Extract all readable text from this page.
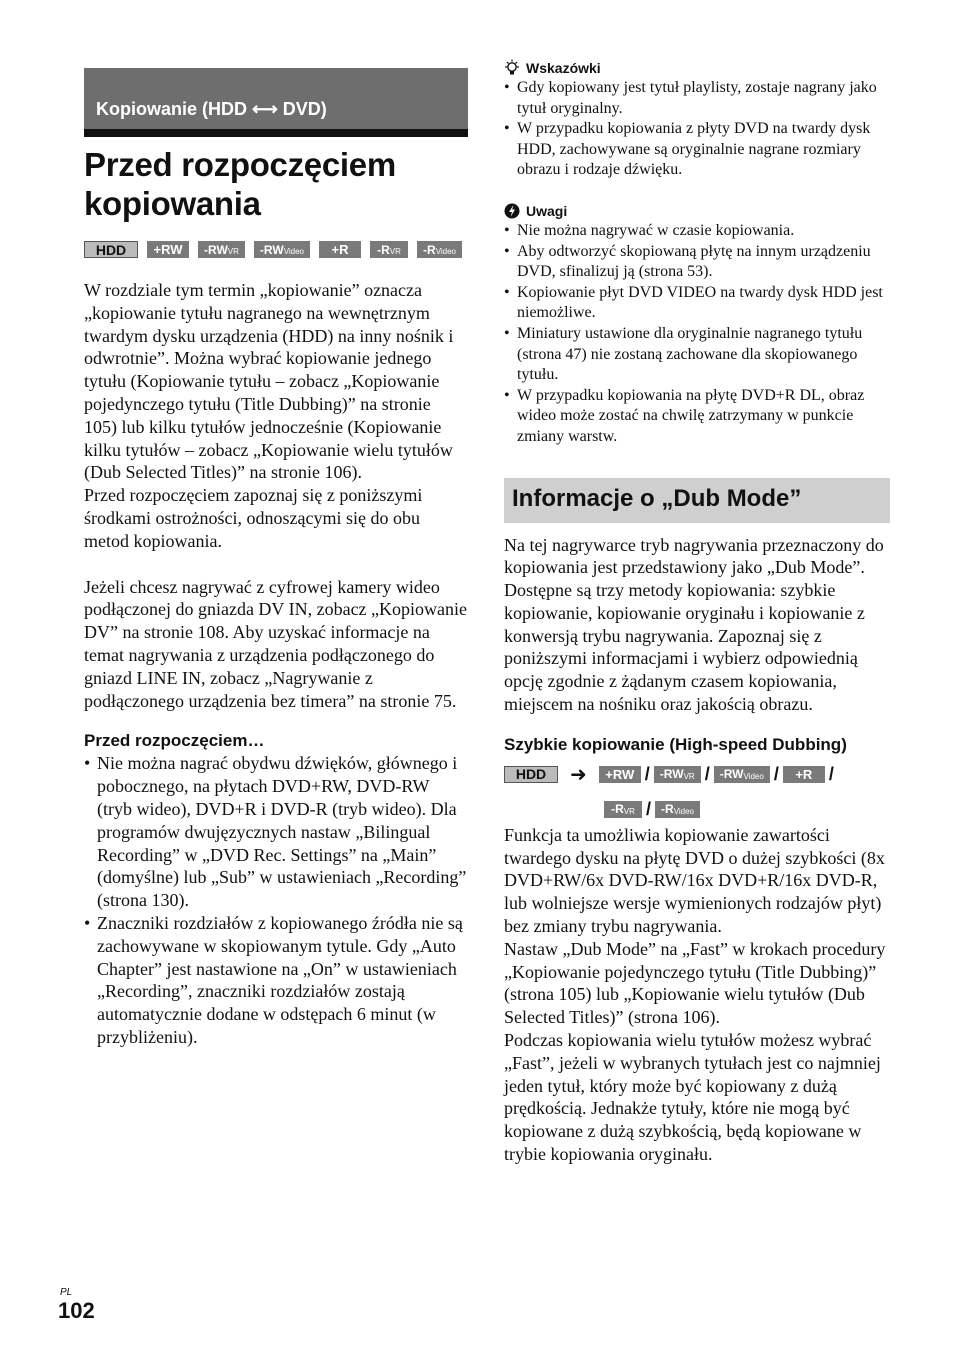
Kopiowanie (HDD ⟷ DVD)
Przed rozpoczęciem kopiowania
HDD	+RW	$-RW_{VR}$	$-RW_{Video}$	+R	$-R_{VR}$	$-R_{Video}$

W rozdziale tym termin „kopiowanie” oznacza „kopiowanie tytułu nagranego na wewnętrznym twardym dysku urządzenia (HDD) na inny nośnik i odwrotnie”. Można wybrać kopiowanie jednego tytułu (Kopiowanie tytułu – zobacz „Kopiowanie pojedynczego tytułu (Title Dubbing)” na stronie 105) lub kilku tytułów jednocześnie (Kopiowanie kilku tytułów – zobacz „Kopiowanie wielu tytułów (Dub Selected Titles)” na stronie 106).

Przed rozpoczęciem zapoznaj się z poniższymi środkami ostrożności, odnoszącymi się do obu metod kopiowania.

Jeżeli chcesz nagrywać z cyfrowej kamery wideo podłączonej do gniazda DV IN, zobacz „Kopiowanie DV” na stronie 108. Aby uzyskać informacje na temat nagrywania z urządzenia podłączonego do gniazd LINE IN, zobacz „Nagrywanie z podłączonego urządzenia bez timera” na stronie 75.

Przed rozpoczęciem…

• Nie można nagrać obydwu dźwięków, głównego i pobocznego, na płytach DVD+RW, DVD-RW (tryb wideo), DVD+R i DVD-R (tryb wideo). Dla programów dwujęzycznych nastaw „Bilingual Recording” w „DVD Rec. Settings” na „Main” (domyślne) lub „Sub” w ustawieniach „Recording” (strona 130).
• Znaczniki rozdziałów z kopiowanego źródła nie są zachowywane w skopiowanym tytule. Gdy „Auto Chapter” jest nastawione na „On” w ustawieniach „Recording”, znaczniki rozdziałów zostają automatycznie dodane w odstępach 6 minut (w przybliżeniu).
Wskazówki
• Gdy kopiowany jest tytuł playlisty, zostaje nagrany jako tytuł oryginalny.
• W przypadku kopiowania z płyty DVD na twardy dysk HDD, zachowywane są oryginalnie nagrane rozmiary obrazu i rodzaje dźwięku.
Uwagi
• Nie można nagrywać w czasie kopiowania.
• Aby odtworzyć skopiowaną płytę na innym urządzeniu DVD, sfinalizuj ją (strona 53).
• Kopiowanie płyt DVD VIDEO na twardy dysk HDD jest niemożliwe.
• Miniatury ustawione dla oryginalnie nagranego tytułu (strona 47) nie zostaną zachowane dla skopiowanego tytułu.
• W przypadku kopiowania na płytę DVD+R DL, obraz wideo może zostać na chwilę zatrzymany w punkcie zmiany warstw.
Informacje o „Dub Mode”

Na tej nagrywarce tryb nagrywania przeznaczony do kopiowania jest przedstawiony jako „Dub Mode”. Dostępne są trzy metody kopiowania: szybkie kopiowanie, kopiowanie oryginału i kopiowanie z konwersją trybu nagrywania. Zapoznaj się z poniższymi informacjami i wybierz odpowiednią opcję zgodnie z żądanym czasem kopiowania, miejscem na nośniku oraz jakością obrazu.

Szybkie kopiowanie (High-speed Dubbing)

HDD	➜	$+RW / -RW_{VR} / -RW_{Video}$ /	+R /
$-R_{VR} / -R_{Video}$

Funkcja ta umożliwia kopiowanie zawartości twardego dysku na płytę DVD o dużej szybkości (8x DVD+RW/6x DVD-RW/16x DVD+R/16x DVD-R, lub wolniejsze wersje wymienionych rodzajów płyt) bez zmiany trybu nagrywania.

Nastaw „Dub Mode” na „Fast” w krokach procedury „Kopiowanie pojedynczego tytułu (Title Dubbing)” (strona 105) lub „Kopiowanie wielu tytułów (Dub Selected Titles)” (strona 106).

Podczas kopiowania wielu tytułów możesz wybrać „Fast”, jeżeli w wybranych tytułach jest co najmniej jeden tytuł, który może być kopiowany z dużą prędkością. Jednakże tytuły, które nie mogą być kopiowane z dużą szybkością, będą kopiowane w trybie kopiowania oryginału.

PL
102
